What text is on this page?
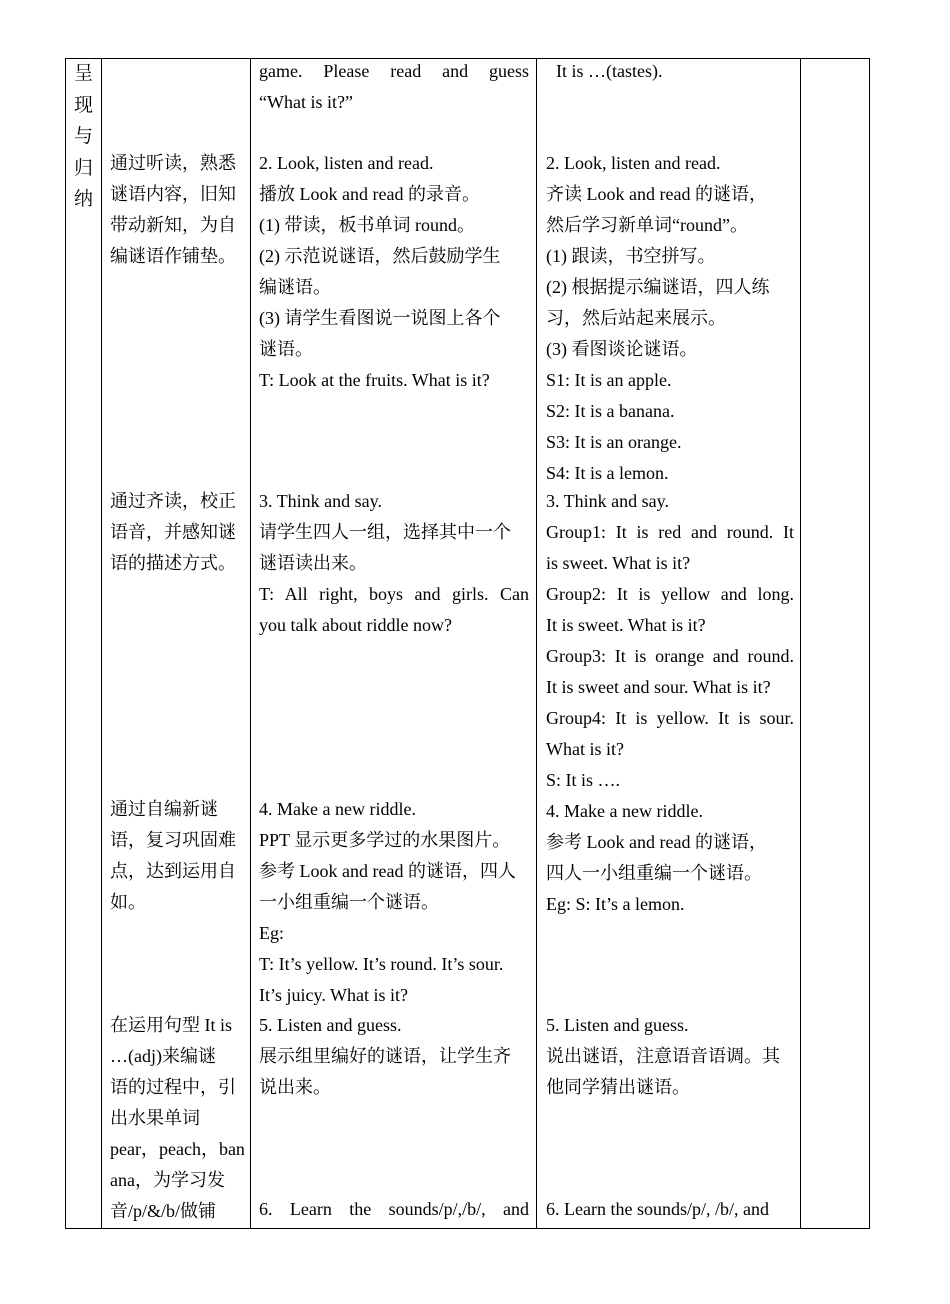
呈
现
与
归
纳

通过听读，熟悉

谜语内容，旧知

带动新知，为自

编谜语作铺垫。

通过齐读，校正

语音，并感知谜

语的描述方式。

通过自编新谜

语，复习巩固难

点，达到运用自

如。

在运用句型 It is

…(adj)来编谜

语的过程中，引

出水果单词

pear，peach，ban

ana，为学习发

音/p/&/b/做铺

game.  Please  read  and  guess

“What is it?”

2. Look, listen and read.

播放 Look and read 的录音。

(1) 带读，板书单词 round。

(2) 示范说谜语，然后鼓励学生

编谜语。

(3) 请学生看图说一说图上各个

谜语。

T: Look at the fruits. What is it?

3. Think and say.

请学生四人一组，选择其中一个

谜语读出来。

T: All right, boys and girls. Can

you talk about riddle now?

4. Make a new riddle.

PPT 显示更多学过的水果图片。

参考 Look and read 的谜语，四人

一小组重编一个谜语。

Eg:

T: It’s yellow. It’s round. It’s sour.

It’s juicy. What is it?

5. Listen and guess.

展示组里编好的谜语，让学生齐

说出来。

6.  Learn  the  sounds/p/,/b/,  and

It is …(tastes).

2. Look, listen and read.

齐读 Look and read 的谜语，

然后学习新单词“round”。

(1) 跟读，书空拼写。

(2) 根据提示编谜语，四人练

习，然后站起来展示。

(3) 看图谈论谜语。

S1: It is an apple.

S2: It is a banana.

S3: It is an orange.

S4: It is a lemon.

3. Think and say.

Group1: It is red and round. It

is sweet. What is it?

Group2: It is yellow and long.

It is sweet. What is it?

Group3: It is orange and round.

It is sweet and sour. What is it?

Group4: It is yellow. It is sour.

What is it?

S: It is ….

4. Make a new riddle.

参考 Look and read 的谜语，

四人一小组重编一个谜语。

Eg: S: It’s a lemon.

5. Listen and guess.

说出谜语，注意语音语调。其

他同学猜出谜语。

6. Learn the sounds/p/, /b/, and
